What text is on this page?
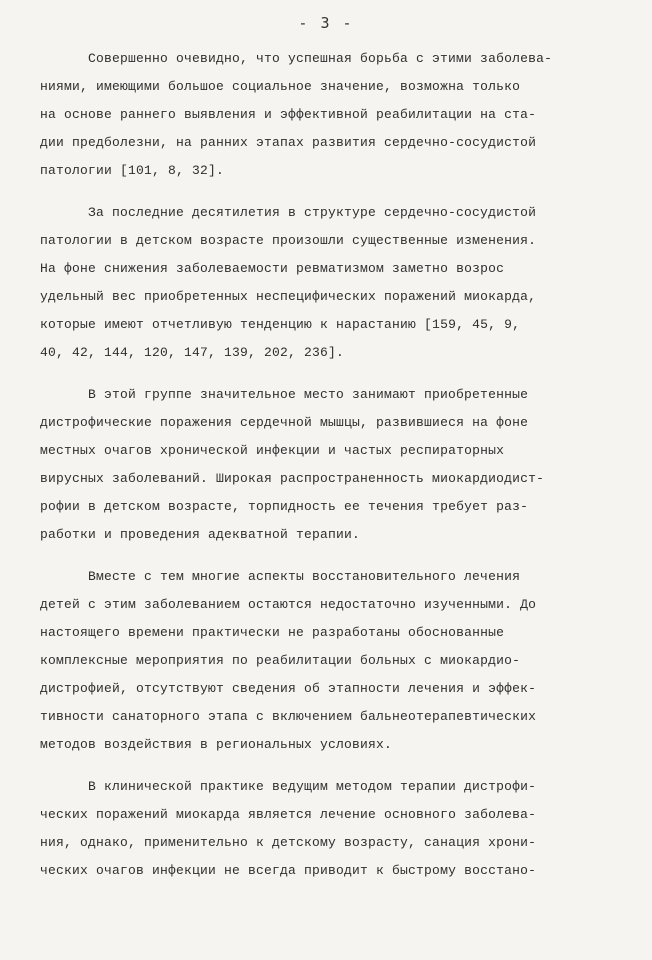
- 3 -
Совершенно очевидно, что успешная борьба с этими заболева-
ниями, имеющими большое социальное значение, возможна только
на основе раннего выявления и эффективной реабилитации на ста-
дии предболезни, на ранних этапах развития сердечно-сосудистой
патологии [101, 8, 32].
За последние десятилетия в структуре сердечно-сосудистой
патологии в детском возрасте произошли существенные изменения.
На фоне снижения заболеваемости ревматизмом заметно возрос
удельный вес приобретенных неспецифических поражений миокарда,
которые имеют отчетливую тенденцию к нарастанию [159, 45, 9,
40, 42, 144, 120, 147, 139, 202, 236].
В этой группе значительное место занимают приобретенные
дистрофические поражения сердечной мышцы, развившиеся на фоне
местных очагов хронической инфекции и частых респираторных
вирусных заболеваний. Широкая распространенность миокардиодист-
рофии в детском возрасте, торпидность ее течения требует раз-
работки и проведения адекватной терапии.
Вместе с тем многие аспекты восстановительного лечения
детей с этим заболеванием остаются недостаточно изученными. До
настоящего времени практически не разработаны обоснованные
комплексные мероприятия по реабилитации больных с миокардио-
дистрофией, отсутствуют сведения об этапности лечения и эффек-
тивности санаторного этапа с включением бальнеотерапевтических
методов воздействия в региональных условиях.
В клинической практике ведущим методом терапии дистрофи-
ческих поражений миокарда является лечение основного заболева-
ния, однако, применительно к детскому возрасту, санация хрони-
ческих очагов инфекции не всегда приводит к быстрому восстано-
